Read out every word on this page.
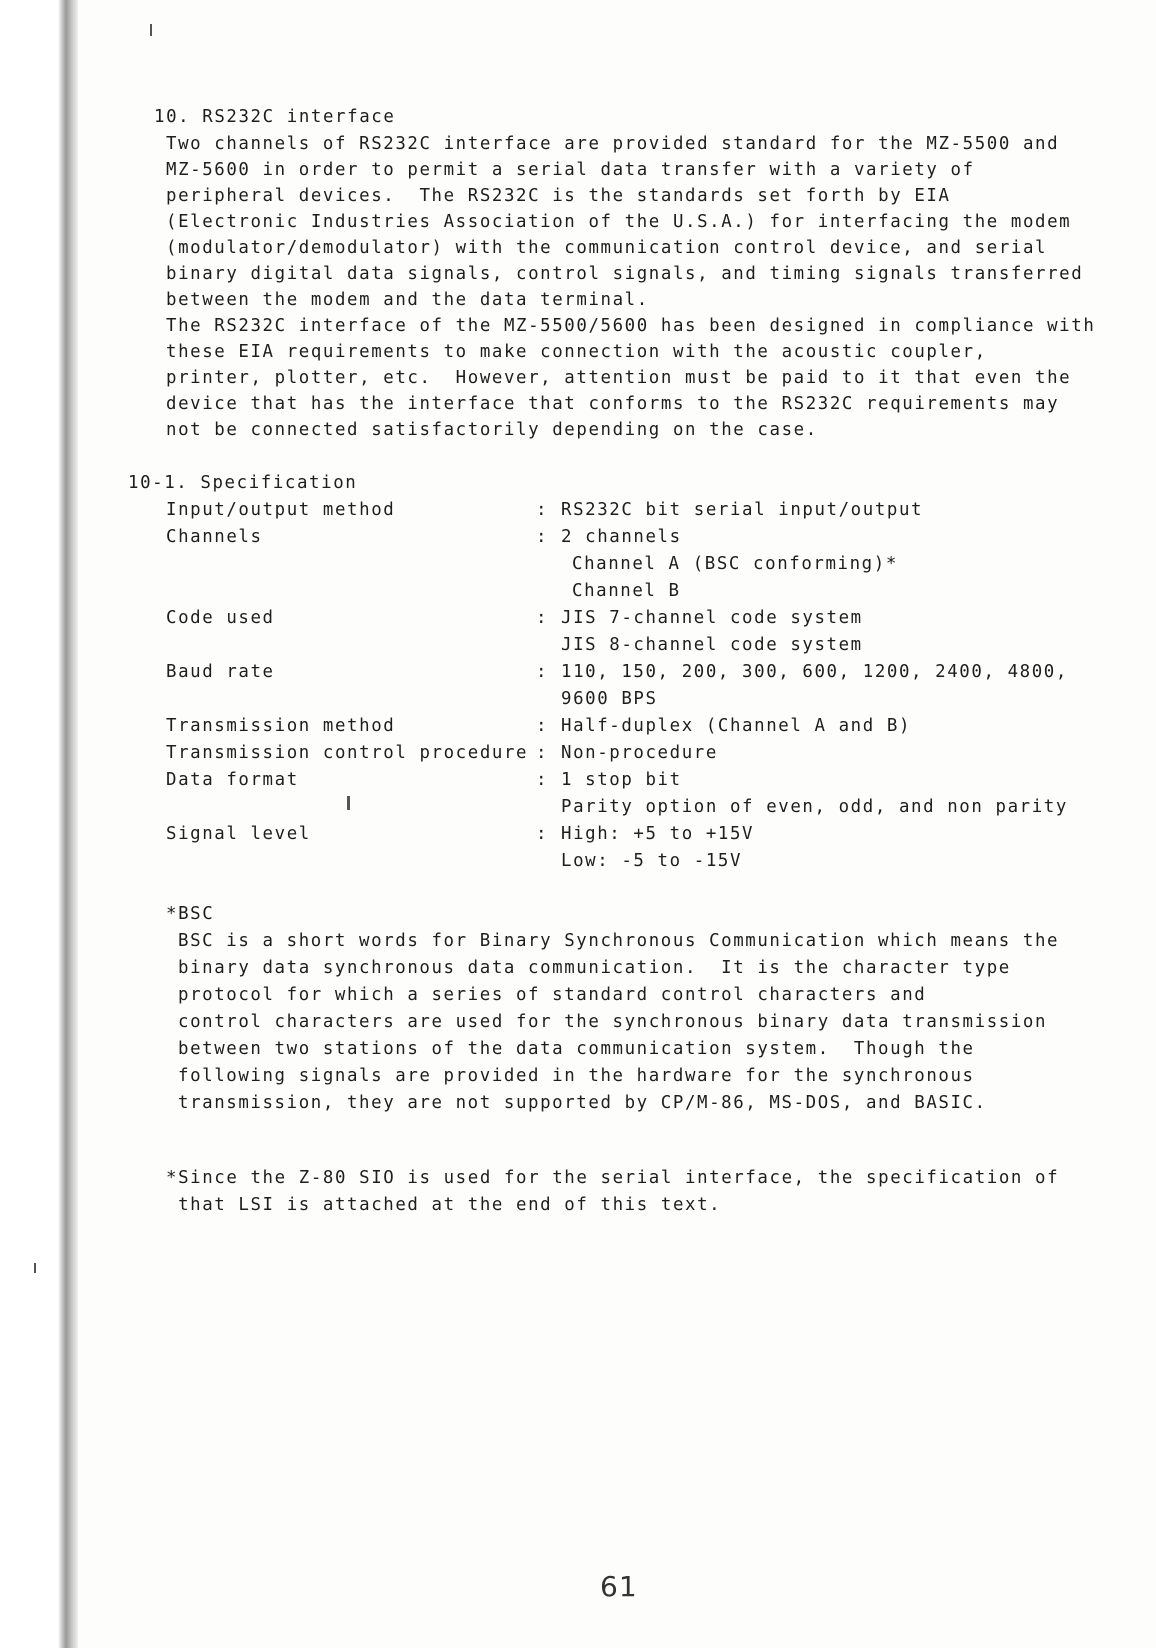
10. RS232C interface
Two channels of RS232C interface are provided standard for the MZ-5500 and
MZ-5600 in order to permit a serial data transfer with a variety of
peripheral devices.  The RS232C is the standards set forth by EIA
(Electronic Industries Association of the U.S.A.) for interfacing the modem
(modulator/demodulator) with the communication control device, and serial
binary digital data signals, control signals, and timing signals transferred
between the modem and the data terminal.
The RS232C interface of the MZ-5500/5600 has been designed in compliance with
these EIA requirements to make connection with the acoustic coupler,
printer, plotter, etc.  However, attention must be paid to it that even the
device that has the interface that conforms to the RS232C requirements may
not be connected satisfactorily depending on the case.
10-1. Specification
Input/output method	: RS232C bit serial input/output
Channels	: 2 channels
Channel A (BSC conforming)*
Channel B
Code used	: JIS 7-channel code system
JIS 8-channel code system
Baud rate	: 110, 150, 200, 300, 600, 1200, 2400, 4800,
9600 BPS
Transmission method	: Half-duplex (Channel A and B)
Transmission control procedure : Non-procedure
Data format	: 1 stop bit
Parity option of even, odd, and non parity
Signal level	: High: +5 to +15V
Low: -5 to -15V
*BSC
BSC is a short words for Binary Synchronous Communication which means the
binary data synchronous data communication.  It is the character type
protocol for which a series of standard control characters and
control characters are used for the synchronous binary data transmission
between two stations of the data communication system.  Though the
following signals are provided in the hardware for the synchronous
transmission, they are not supported by CP/M-86, MS-DOS, and BASIC.
*Since the Z-80 SIO is used for the serial interface, the specification of
that LSI is attached at the end of this text.
61
